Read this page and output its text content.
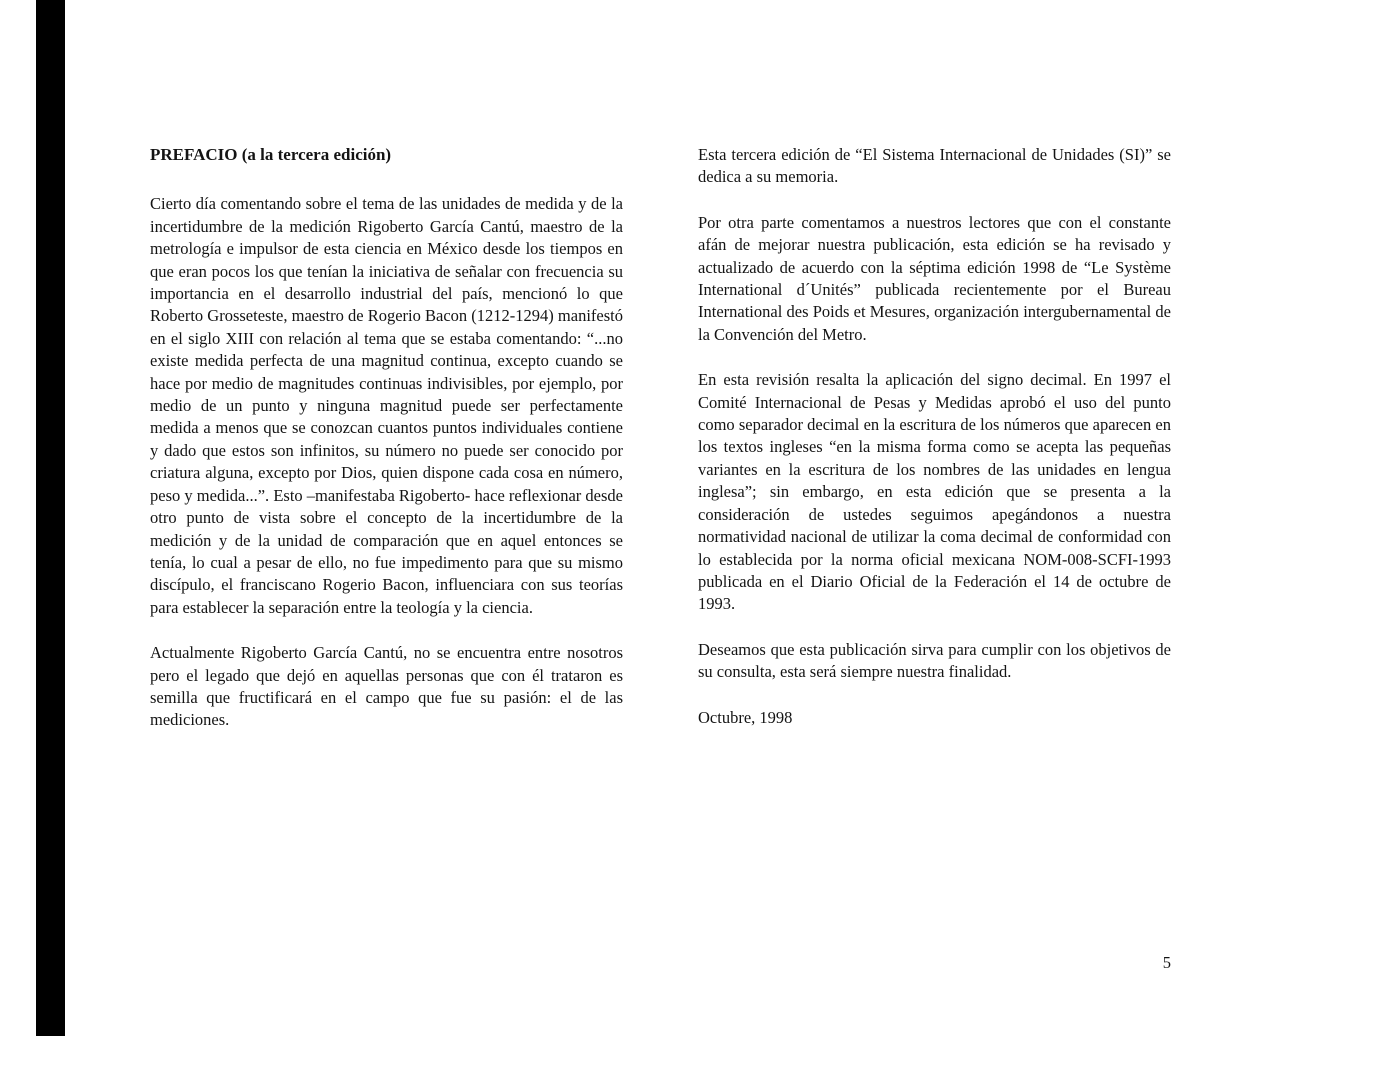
PREFACIO (a la tercera edición)

Cierto día comentando sobre el tema de las unidades de medida y de la incertidumbre de la medición Rigoberto García Cantú, maestro de la metrología e impulsor de esta ciencia en México desde los tiempos en que eran pocos los que tenían la iniciativa de señalar con frecuencia su importancia en el desarrollo industrial del país, mencionó lo que Roberto Grosseteste, maestro de Rogerio Bacon (1212-1294) manifestó en el siglo XIII con relación al tema que se estaba comentando: “...no existe medida perfecta de una magnitud continua, excepto cuando se hace por medio de magnitudes continuas indivisibles, por ejemplo, por medio de un punto y ninguna magnitud puede ser perfectamente medida a menos que se conozcan cuantos puntos individuales contiene y dado que estos son infinitos, su número no puede ser conocido por criatura alguna, excepto por Dios, quien dispone cada cosa en número, peso y medida...”. Esto –manifestaba Rigoberto- hace reflexionar desde otro punto de vista sobre el concepto de la incertidumbre de la medición y de la unidad de comparación que en aquel entonces se tenía, lo cual a pesar de ello, no fue impedimento para que su mismo discípulo, el franciscano Rogerio Bacon, influenciara con sus teorías para establecer la separación entre la teología y la ciencia.

Actualmente Rigoberto García Cantú, no se encuentra entre nosotros pero el legado que dejó en aquellas personas que con él trataron es semilla que fructificará en el campo que fue su pasión: el de las mediciones.

Esta tercera edición de “El Sistema Internacional de Unidades (SI)” se dedica a su memoria.

Por otra parte comentamos a nuestros lectores que con el constante afán de mejorar nuestra publicación, esta edición se ha revisado y actualizado de acuerdo con la séptima edición 1998 de “Le Système International d´Unités” publicada recientemente por el Bureau International des Poids et Mesures, organización intergubernamental de la Convención del Metro.

En esta revisión resalta la aplicación del signo decimal. En 1997 el Comité Internacional de Pesas y Medidas aprobó el uso del punto como separador decimal en la escritura de los números que aparecen en los textos ingleses “en la misma forma como se acepta las pequeñas variantes en la escritura de los nombres de las unidades en lengua inglesa”; sin embargo, en esta edición que se presenta a la consideración de ustedes seguimos apegándonos a nuestra normatividad nacional de utilizar la coma decimal de conformidad con lo establecida por la norma oficial mexicana NOM-008-SCFI-1993 publicada en el Diario Oficial de la Federación el 14 de octubre de 1993.

Deseamos que esta publicación sirva para cumplir con los objetivos de su consulta, esta será siempre nuestra finalidad.

Octubre, 1998

5
